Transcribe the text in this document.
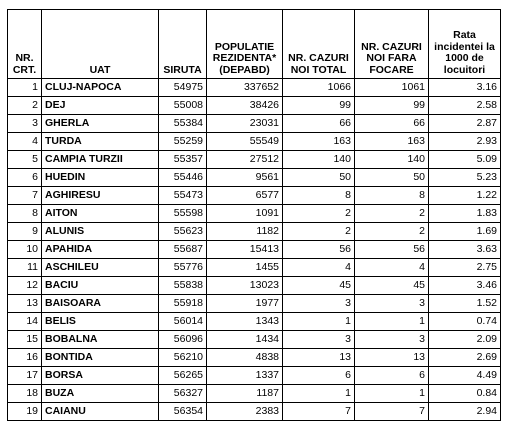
NR. CRT.	UAT	SIRUTA	POPULATIE REZIDENTA* (DEPABD)	NR. CAZURI NOI TOTAL	NR. CAZURI NOI FARA FOCARE	Rata incidentei la 1000 de locuitori
1	CLUJ-NAPOCA	54975	337652	1066	1061	3.16
2	DEJ	55008	38426	99	99	2.58
3	GHERLA	55384	23031	66	66	2.87
4	TURDA	55259	55549	163	163	2.93
5	CAMPIA TURZII	55357	27512	140	140	5.09
6	HUEDIN	55446	9561	50	50	5.23
7	AGHIRESU	55473	6577	8	8	1.22
8	AITON	55598	1091	2	2	1.83
9	ALUNIS	55623	1182	2	2	1.69
10	APAHIDA	55687	15413	56	56	3.63
11	ASCHILEU	55776	1455	4	4	2.75
12	BACIU	55838	13023	45	45	3.46
13	BAISOARA	55918	1977	3	3	1.52
14	BELIS	56014	1343	1	1	0.74
15	BOBALNA	56096	1434	3	3	2.09
16	BONTIDA	56210	4838	13	13	2.69
17	BORSA	56265	1337	6	6	4.49
18	BUZA	56327	1187	1	1	0.84
19	CAIANU	56354	2383	7	7	2.94
